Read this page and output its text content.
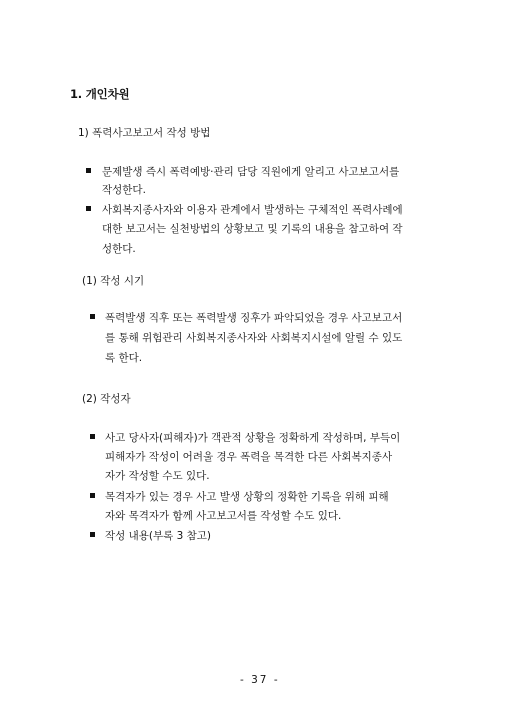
1. 개인차원
1) 폭력사고보고서 작성 방법
문제발생 즉시 폭력예방·관리 담당 직원에게 알리고 사고보고서를
작성한다.
사회복지종사자와 이용자 관계에서 발생하는 구체적인 폭력사례에
대한 보고서는 실천방법의 상황보고 및 기록의 내용을 참고하여 작
성한다.
(1) 작성 시기
폭력발생 직후 또는 폭력발생 징후가 파악되었을 경우 사고보고서
를 통해 위험관리 사회복지종사자와 사회복지시설에 알릴 수 있도
록 한다.
(2) 작성자
사고 당사자(피해자)가 객관적 상황을 정확하게 작성하며, 부득이
피해자가 작성이 어려울 경우 폭력을 목격한 다른 사회복지종사
자가 작성할 수도 있다.
목격자가 있는 경우 사고 발생 상황의 정확한 기록을 위해 피해
자와 목격자가 함께 사고보고서를 작성할 수도 있다.
작성 내용(부록 3 참고)
- 37 -
